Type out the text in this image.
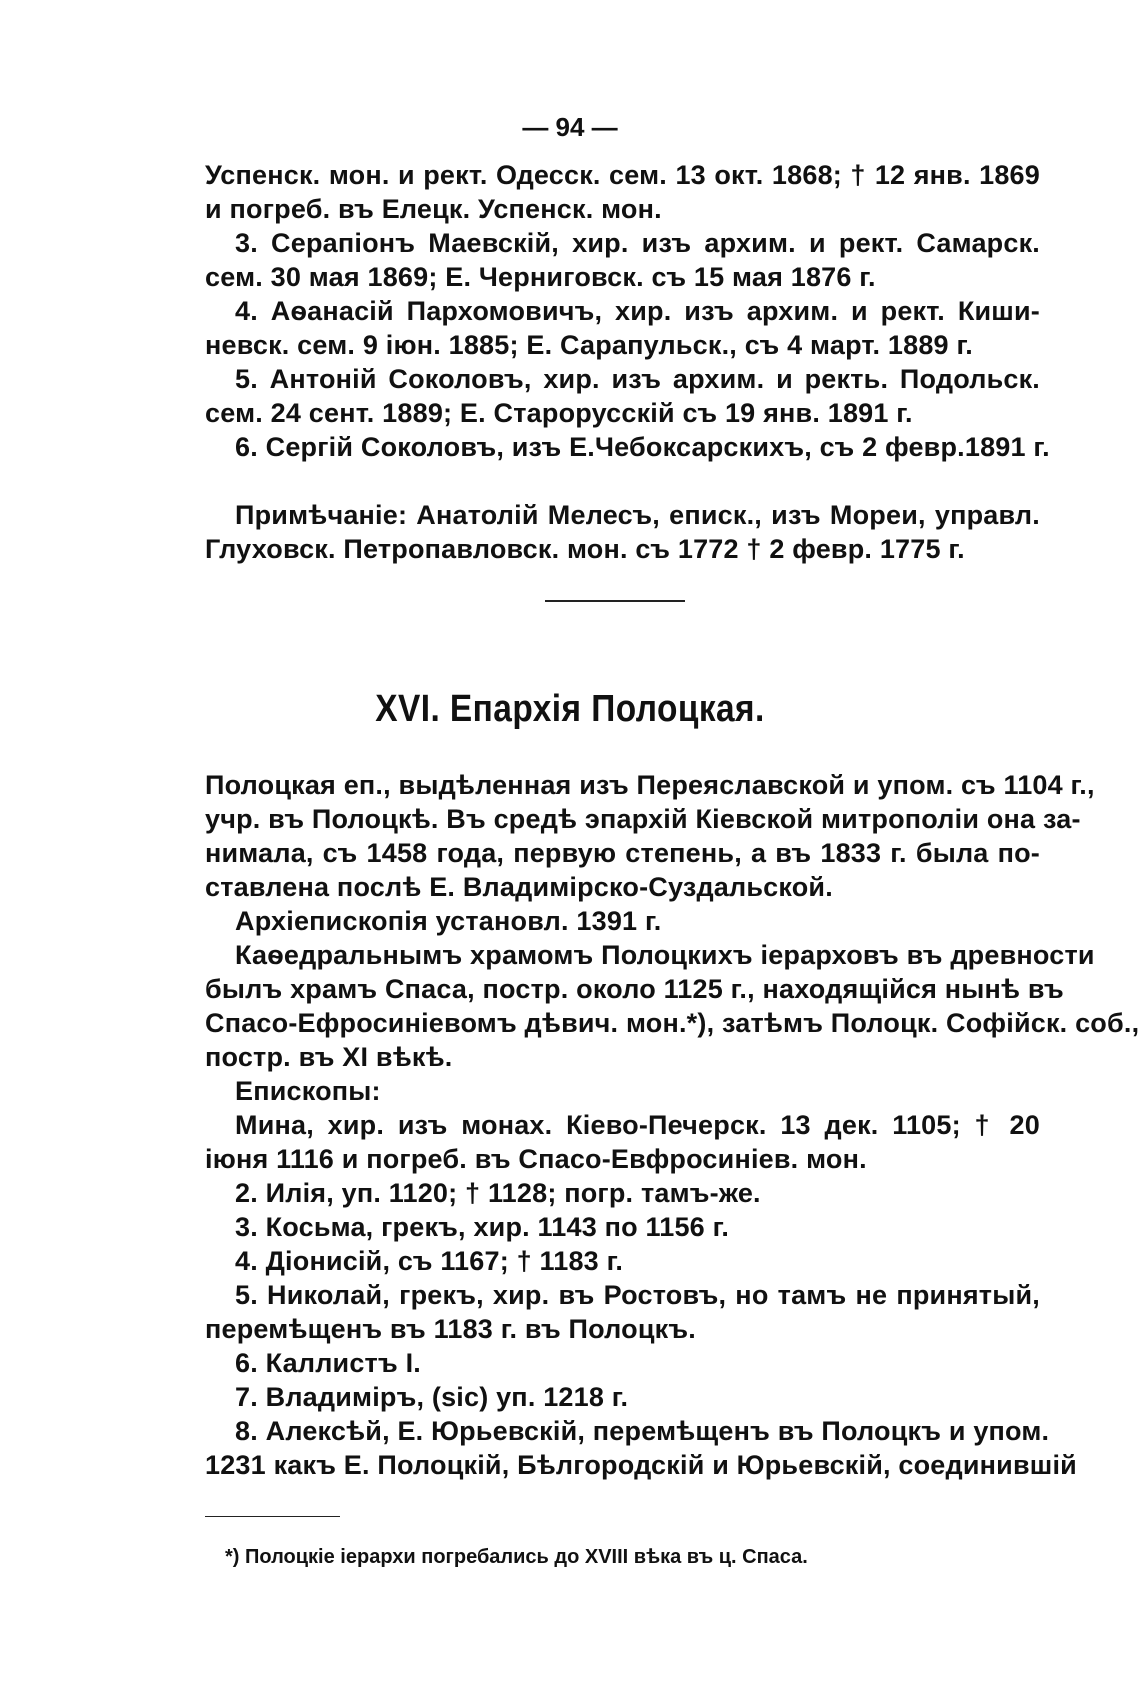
— 94 —
Успенск. мон. и рект. Одесск. сем. 13 окт. 1868; † 12 янв. 1869
и погреб. въ Елецк. Успенск. мон.
3. Серапіонъ Маевскій, хир. изъ архим. и рект. Самарск.
сем. 30 мая 1869; Е. Черниговск. съ 15 мая 1876 г.
4. Аѳанасій Пархомовичъ, хир. изъ архим. и рект. Киши-
невск. сем. 9 іюн. 1885; Е. Сарапульск., съ 4 март. 1889 г.
5. Антоній Соколовъ, хир. изъ архим. и ректь. Подольск.
сем. 24 сент. 1889; Е. Старорусскій съ 19 янв. 1891 г.
6. Сергій Соколовъ, изъ Е.Чебоксарскихъ, съ 2 февр.1891 г.
Примѣчаніе: Анатолій Мелесъ, еписк., изъ Мореи, управл.
Глуховск. Петропавловск. мон. съ 1772 † 2 февр. 1775 г.
XVI. Епархія Полоцкая.
Полоцкая еп., выдѣленная изъ Переяславской и упом. съ 1104 г.,
учр. въ Полоцкѣ. Въ средѣ эпархій Кіевской митрополіи она за-
нимала, съ 1458 года, первую степень, а въ 1833 г. была по-
ставлена послѣ Е. Владимірско-Суздальской.
Архіепископія установл. 1391 г.
Каѳедральнымъ храмомъ Полоцкихъ іерарховъ въ древности
былъ храмъ Спаса, постр. около 1125 г., находящійся нынѣ въ
Спасо-Ефросиніевомъ дѣвич. мон.*), затѣмъ Полоцк. Софійск. соб.,
постр. въ XI вѣкѣ.
Епископы:
Мина, хир. изъ монах. Кіево-Печерск. 13 дек. 1105; † 20
іюня 1116 и погреб. въ Спасо-Евфросиніев. мон.
2. Илія, уп. 1120; † 1128; погр. тамъ-же.
3. Косьма, грекъ, хир. 1143 по 1156 г.
4. Діонисій, съ 1167; † 1183 г.
5. Николай, грекъ, хир. въ Ростовъ, но тамъ не принятый,
перемѣщенъ въ 1183 г. въ Полоцкъ.
6. Каллистъ I.
7. Владиміръ, (sic) уп. 1218 г.
8. Алексѣй, Е. Юрьевскій, перемѣщенъ въ Полоцкъ и упом.
1231 какъ Е. Полоцкій, Бѣлгородскій и Юрьевскій, соединившій
*) Полоцкіе іерархи погребались до XVIII вѣка въ ц. Спаса.
